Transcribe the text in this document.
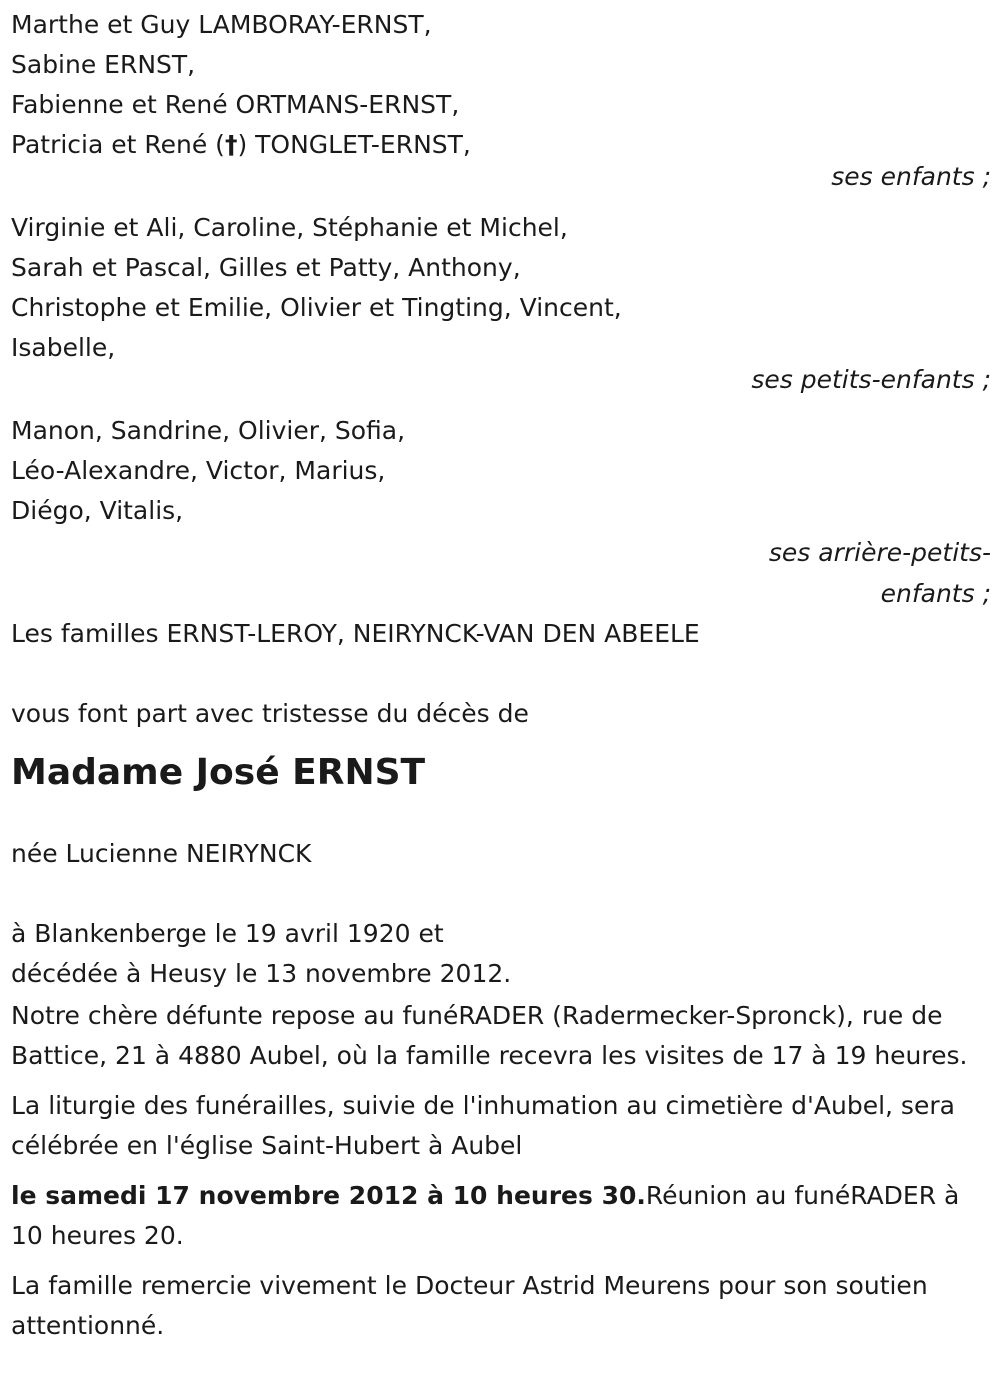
Marthe et Guy LAMBORAY-ERNST,
Sabine ERNST,
Fabienne et René ORTMANS-ERNST,
Patricia et René (†) TONGLET-ERNST,
ses enfants ;
Virginie et Ali, Caroline, Stéphanie et Michel,
Sarah et Pascal, Gilles et Patty, Anthony,
Christophe et Emilie, Olivier et Tingting, Vincent,
Isabelle,
ses petits-enfants ;
Manon, Sandrine, Olivier, Sofia,
Léo-Alexandre, Victor, Marius,
Diégo, Vitalis,
ses arrière-petits-
enfants ;
Les familles ERNST-LEROY, NEIRYNCK-VAN DEN ABEELE
vous font part avec tristesse du décès de
Madame José ERNST
née Lucienne NEIRYNCK
à Blankenberge le 19 avril 1920 et
décédée à Heusy le 13 novembre 2012.

Notre chère défunte repose au funéRADER (Radermecker-Spronck), rue de Battice, 21 à 4880 Aubel, où la famille recevra les visites de 17 à 19 heures.

La liturgie des funérailles, suivie de l'inhumation au cimetière d'Aubel, sera célébrée en l'église Saint-Hubert à Aubel

le samedi 17 novembre 2012 à 10 heures 30.Réunion au funéRADER à 10 heures 20.

La famille remercie vivement le Docteur Astrid Meurens pour son soutien attentionné.
